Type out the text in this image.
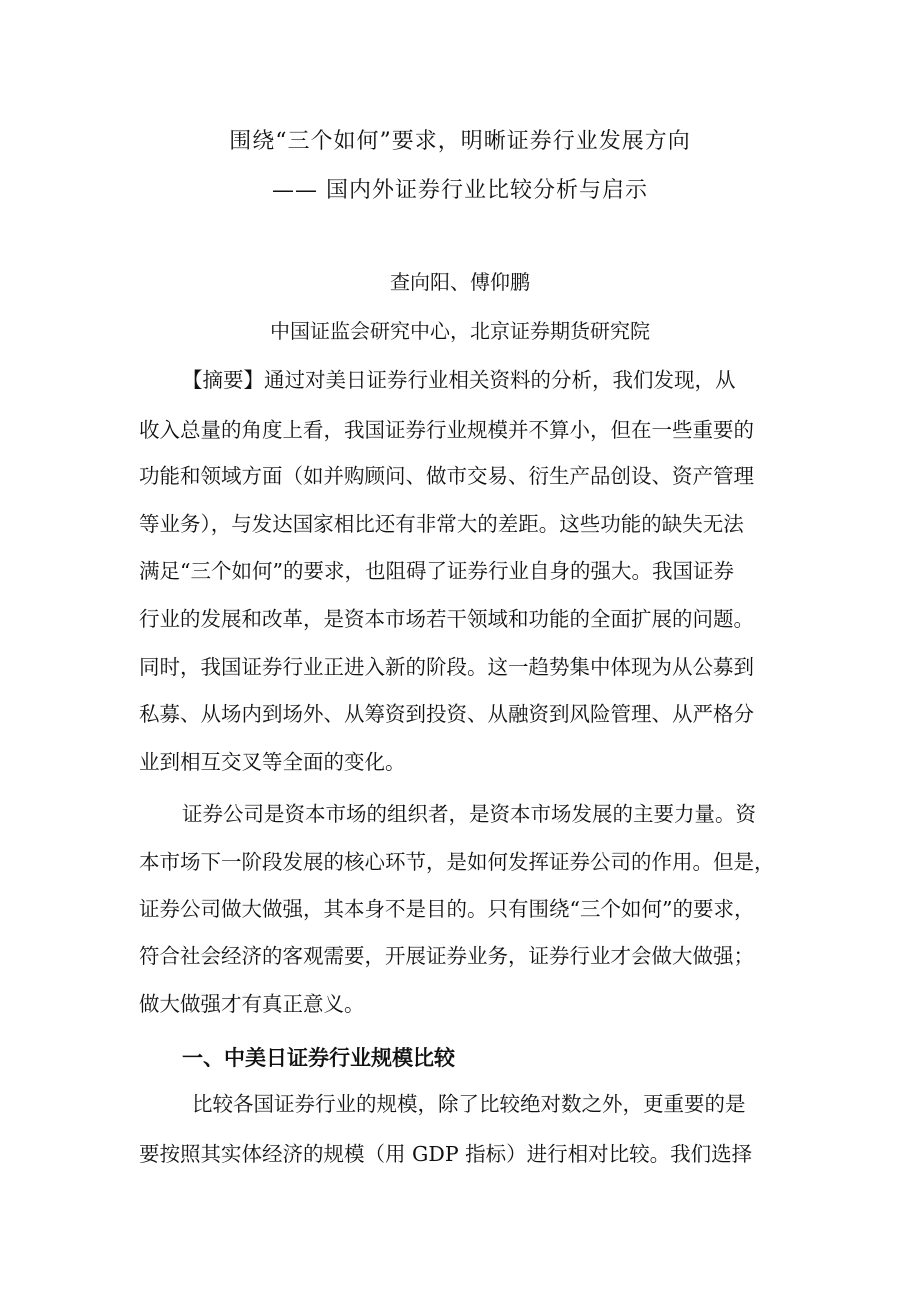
围绕“三个如何”要求，明晰证券行业发展方向
—— 国内外证券行业比较分析与启示
查向阳、傅仰鹏
中国证监会研究中心，北京证券期货研究院
【摘要】通过对美日证券行业相关资料的分析，我们发现，从
收入总量的角度上看，我国证券行业规模并不算小，但在一些重要的
功能和领域方面（如并购顾问、做市交易、衍生产品创设、资产管理
等业务），与发达国家相比还有非常大的差距。这些功能的缺失无法
满足“三个如何”的要求，也阻碍了证券行业自身的强大。我国证券
行业的发展和改革，是资本市场若干领域和功能的全面扩展的问题。
同时，我国证券行业正进入新的阶段。这一趋势集中体现为从公募到
私募、从场内到场外、从筹资到投资、从融资到风险管理、从严格分
业到相互交叉等全面的变化。
证券公司是资本市场的组织者，是资本市场发展的主要力量。资
本市场下一阶段发展的核心环节，是如何发挥证券公司的作用。但是，
证券公司做大做强，其本身不是目的。只有围绕“三个如何”的要求，
符合社会经济的客观需要，开展证券业务，证券行业才会做大做强；
做大做强才有真正意义。
一、中美日证券行业规模比较
比较各国证券行业的规模，除了比较绝对数之外，更重要的是
要按照其实体经济的规模（用 GDP 指标）进行相对比较。我们选择
